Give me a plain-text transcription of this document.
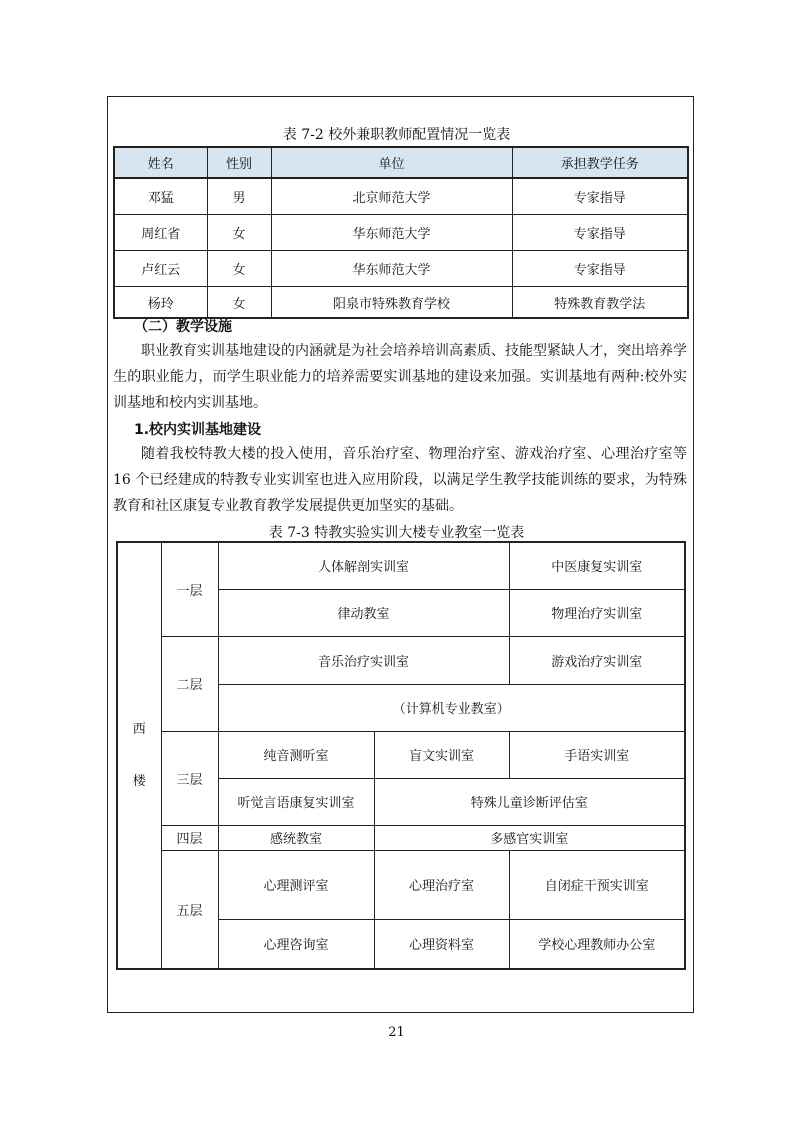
表 7-2 校外兼职教师配置情况一览表
姓名	性别	单位	承担教学任务
邓猛	男	北京师范大学	专家指导
周红省	女	华东师范大学	专家指导
卢红云	女	华东师范大学	专家指导
杨玲	女	阳泉市特殊教育学校	特殊教育教学法
（二）教学设施
职业教育实训基地建设的内涵就是为社会培养培训高素质、技能型紧缺人才，突出培养学生的职业能力，而学生职业能力的培养需要实训基地的建设来加强。实训基地有两种:校外实训基地和校内实训基地。
1.校内实训基地建设
随着我校特教大楼的投入使用，音乐治疗室、物理治疗室、游戏治疗室、心理治疗室等 16 个已经建成的特教专业实训室也进入应用阶段，以满足学生教学技能训练的要求，为特殊教育和社区康复专业教育教学发展提供更加坚实的基础。
表 7-3 特教实验实训大楼专业教室一览表
西
楼	一层	人体解剖实训室		中医康复实训室
		律动教室		物理治疗实训室
	二层	音乐治疗实训室		游戏治疗实训室
		（计算机专业教室）		
	三层	纯音测听室	盲文实训室	手语实训室
		听觉言语康复实训室	特殊儿童诊断评估室	
	四层	感统教室	多感官实训室	
	五层	心理测评室	心理治疗室	自闭症干预实训室
		心理咨询室	心理资料室	学校心理教师办公室
21
